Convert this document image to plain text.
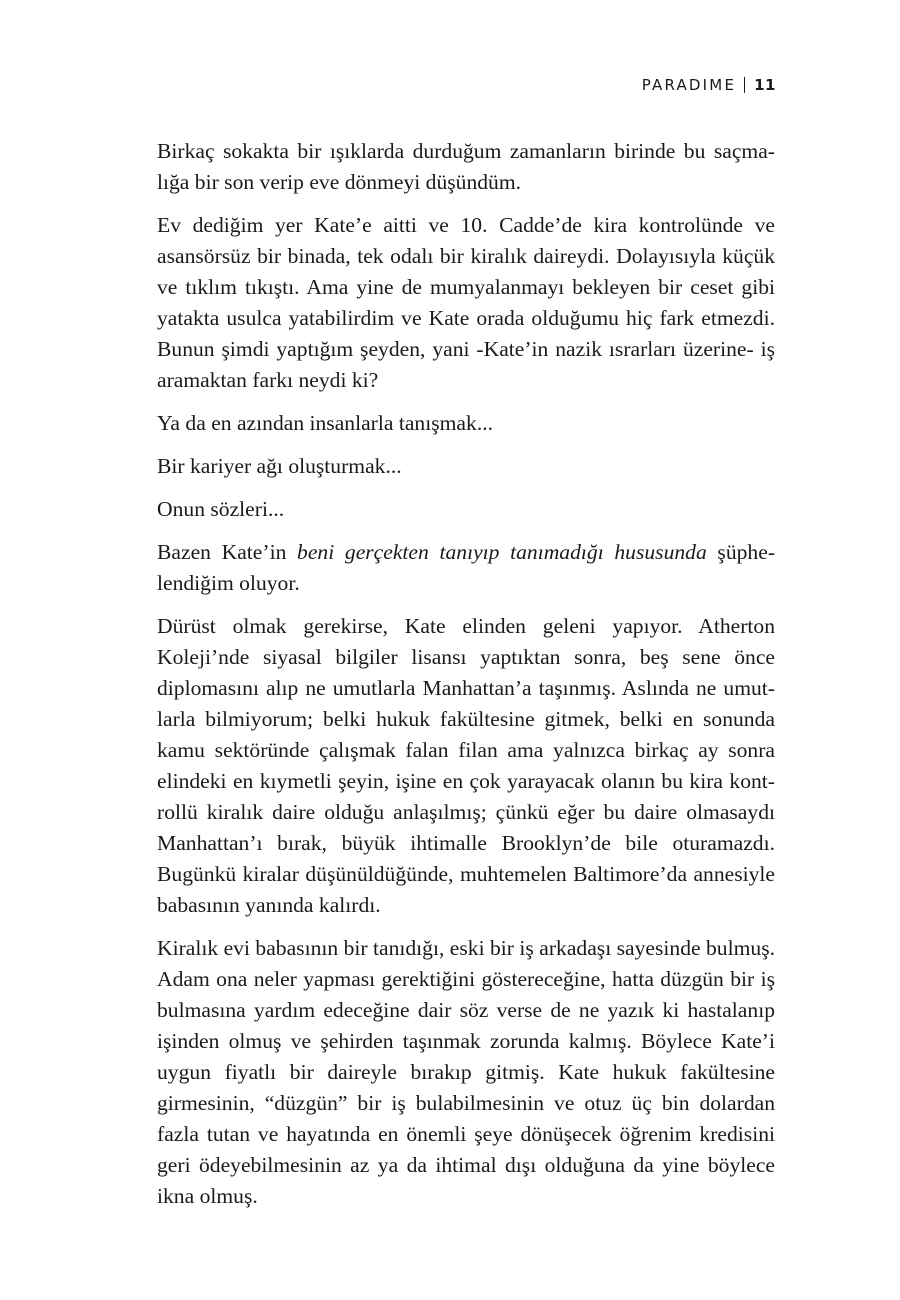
PARADIME 11

Birkaç sokakta bir ışıklarda durduğum zamanların birinde bu saçmalığa bir son verip eve dönmeyi düşündüm.

Ev dediğim yer Kate’e aitti ve 10. Cadde’de kira kontrolünde ve asansörsüz bir binada, tek odalı bir kiralık daireydi. Dolayısıyla küçük ve tıklım tıkıştı. Ama yine de mumyalanmayı bekleyen bir ceset gibi yatakta usulca yatabilirdim ve Kate orada olduğumu hiç fark etmezdi. Bunun şimdi yaptığım şeyden, yani -Kate’in nazik ısrarları üzerine- iş aramaktan farkı neydi ki?

Ya da en azından insanlarla tanışmak...

Bir kariyer ağı oluşturmak...

Onun sözleri...

Bazen Kate’in beni gerçekten tanıyıp tanımadığı hususunda şüphelendiğim oluyor.

Dürüst olmak gerekirse, Kate elinden geleni yapıyor. Atherton Koleji’nde siyasal bilgiler lisansı yaptıktan sonra, beş sene önce diplomasını alıp ne umutlarla Manhattan’a taşınmış. Aslında ne umutlarla bilmiyorum; belki hukuk fakültesine gitmek, belki en sonunda kamu sektöründe çalışmak falan filan ama yalnızca birkaç ay sonra elindeki en kıymetli şeyin, işine en çok yarayacak olanın bu kira kontrollü kiralık daire olduğu anlaşılmış; çünkü eğer bu daire olmasaydı Manhattan’ı bırak, büyük ihtimalle Brooklyn’de bile oturamazdı. Bugünkü kiralar düşünüldüğünde, muhtemelen Baltimore’da annesiyle babasının yanında kalırdı.

Kiralık evi babasının bir tanıdığı, eski bir iş arkadaşı sayesinde bulmuş. Adam ona neler yapması gerektiğini göstereceğine, hatta düzgün bir iş bulmasına yardım edeceğine dair söz verse de ne yazık ki hastalanıp işinden olmuş ve şehirden taşınmak zorunda kalmış. Böylece Kate’i uygun fiyatlı bir daireyle bırakıp gitmiş. Kate hukuk fakültesine girmesinin, “düzgün” bir iş bulabilmesinin ve otuz üç bin dolardan fazla tutan ve hayatında en önemli şeye dönüşecek öğrenim kredisini geri ödeyebilmesinin az ya da ihtimal dışı olduğuna da yine böylece ikna olmuş.
